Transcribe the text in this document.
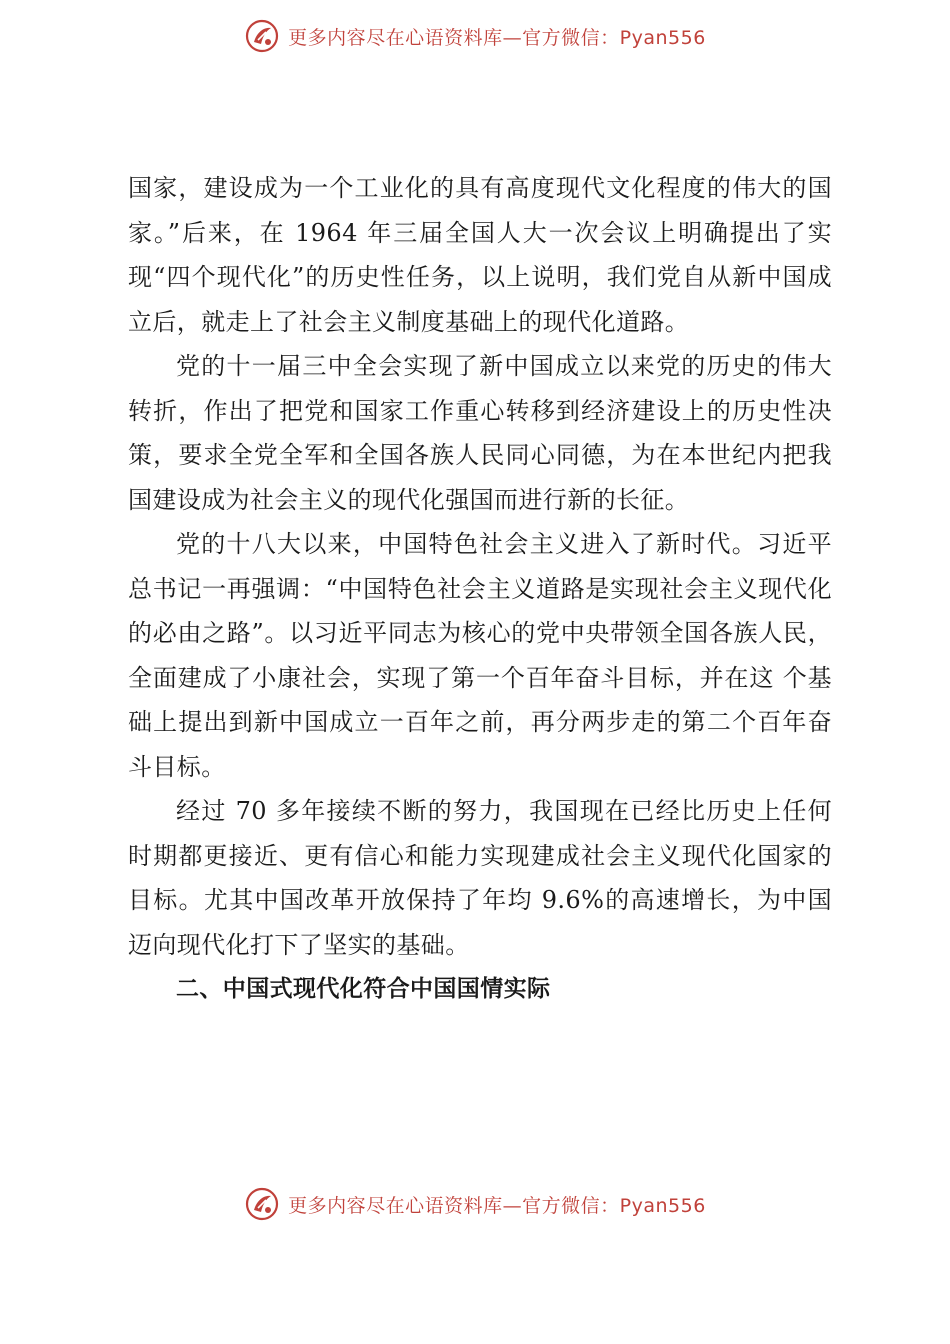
更多内容尽在心语资料库—官方微信：Pyan556

国家，建设成为一个工业化的具有高度现代文化程度的伟大的国家。”后来，在 1964 年三届全国人大一次会议上明确提出了实现“四个现代化”的历史性任务，以上说明，我们党自从新中国成立后，就走上了社会主义制度基础上的现代化道路。

党的十一届三中全会实现了新中国成立以来党的历史的伟大转折，作出了把党和国家工作重心转移到经济建设上的历史性决策，要求全党全军和全国各族人民同心同德，为在本世纪内把我国建设成为社会主义的现代化强国而进行新的长征。

党的十八大以来，中国特色社会主义进入了新时代。习近平总书记一再强调：“中国特色社会主义道路是实现社会主义现代化的必由之路”。以习近平同志为核心的党中央带领全国各族人民，全面建成了小康社会，实现了第一个百年奋斗目标，并在这 个基础上提出到新中国成立一百年之前，再分两步走的第二个百年奋斗目标。

经过 70 多年接续不断的努力，我国现在已经比历史上任何时期都更接近、更有信心和能力实现建成社会主义现代化国家的目标。尤其中国改革开放保持了年均 9.6%的高速增长，为中国迈向现代化打下了坚实的基础。

二、中国式现代化符合中国国情实际

更多内容尽在心语资料库—官方微信：Pyan556
